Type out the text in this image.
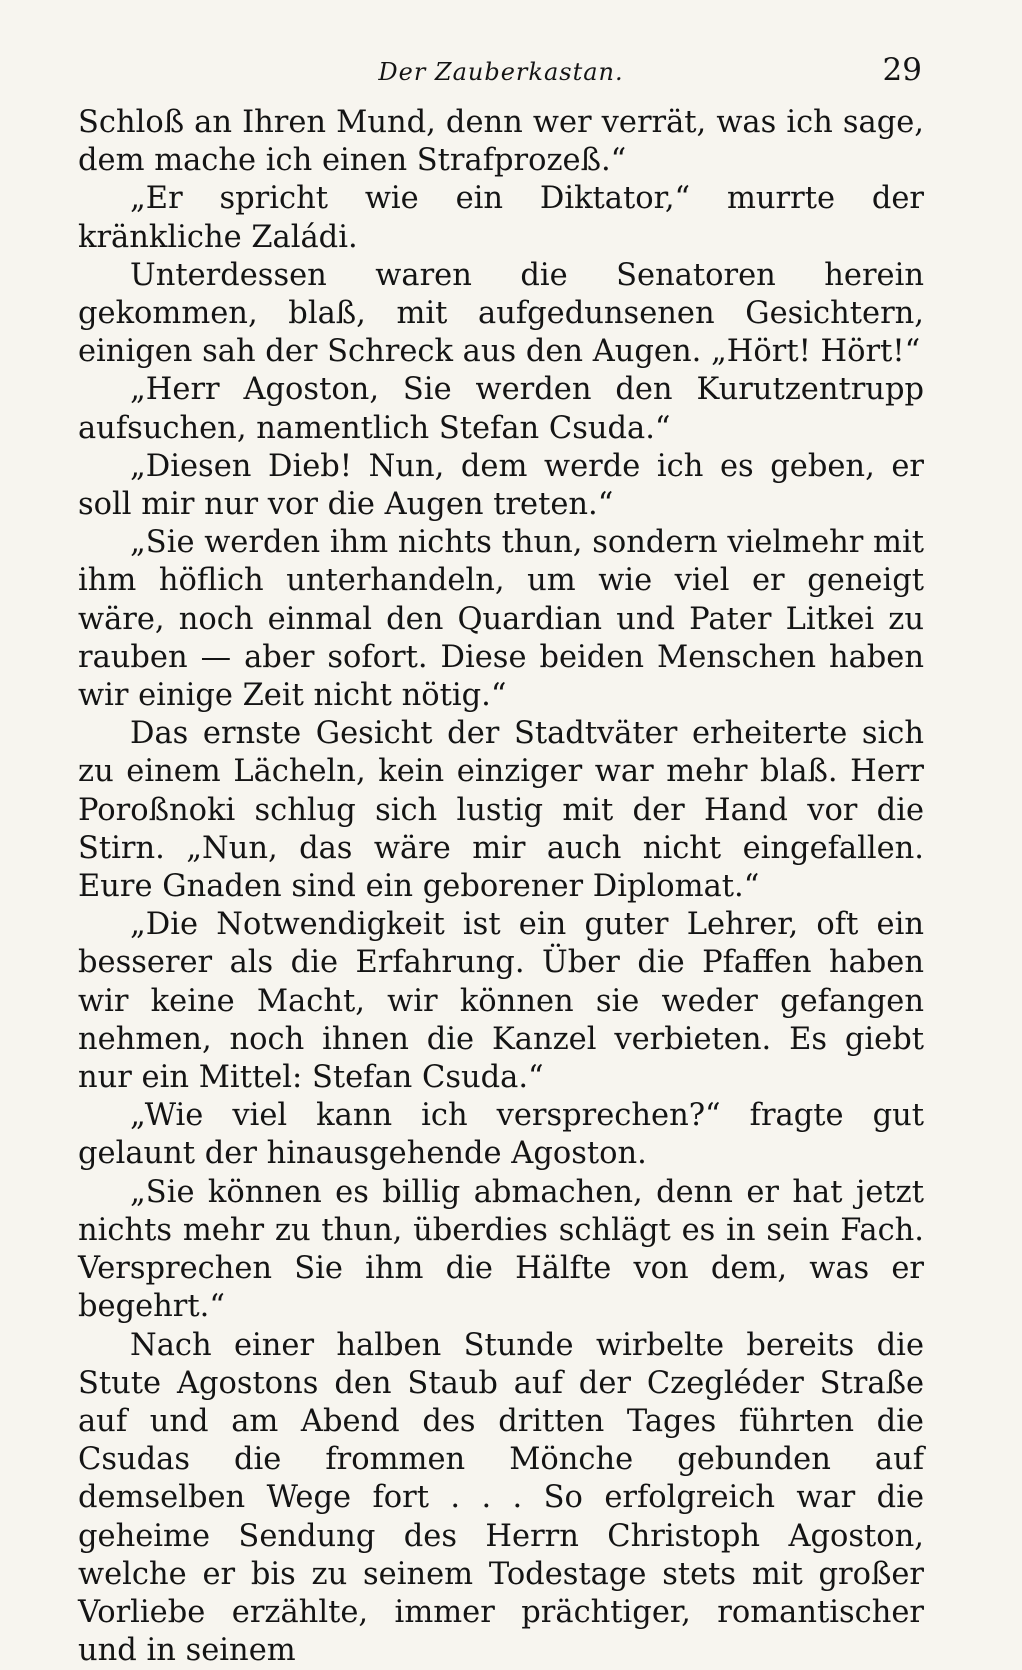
Der Zauberkastan.	29

Schloß an Ihren Mund, denn wer verrät, was ich sage, dem mache ich einen Strafprozeß.“

„Er spricht wie ein Diktator,“ murrte der kränkliche Zaládi.

Unterdessen waren die Senatoren herein gekommen, blaß, mit aufgedunsenen Gesichtern, einigen sah der Schreck aus den Augen. „Hört! Hört!“

„Herr Agoston, Sie werden den Kurutzentrupp aufsuchen, namentlich Stefan Csuda.“

„Diesen Dieb! Nun, dem werde ich es geben, er soll mir nur vor die Augen treten.“

„Sie werden ihm nichts thun, sondern vielmehr mit ihm höflich unterhandeln, um wie viel er geneigt wäre, noch einmal den Quardian und Pater Litkei zu rauben — aber sofort. Diese beiden Menschen haben wir einige Zeit nicht nötig.“

Das ernste Gesicht der Stadtväter erheiterte sich zu einem Lächeln, kein einziger war mehr blaß. Herr Poroßnoki schlug sich lustig mit der Hand vor die Stirn. „Nun, das wäre mir auch nicht eingefallen. Eure Gnaden sind ein geborener Diplomat.“

„Die Notwendigkeit ist ein guter Lehrer, oft ein besserer als die Erfahrung. Über die Pfaffen haben wir keine Macht, wir können sie weder gefangen nehmen, noch ihnen die Kanzel verbieten. Es giebt nur ein Mittel: Stefan Csuda.“

„Wie viel kann ich versprechen?“ fragte gut gelaunt der hinausgehende Agoston.

„Sie können es billig abmachen, denn er hat jetzt nichts mehr zu thun, überdies schlägt es in sein Fach. Versprechen Sie ihm die Hälfte von dem, was er begehrt.“

Nach einer halben Stunde wirbelte bereits die Stute Agostons den Staub auf der Czegléder Straße auf und am Abend des dritten Tages führten die Csudas die frommen Mönche gebunden auf demselben Wege fort . . . So erfolgreich war die geheime Sendung des Herrn Christoph Agoston, welche er bis zu seinem Todestage stets mit großer Vorliebe erzählte, immer prächtiger, romantischer und in seinem
